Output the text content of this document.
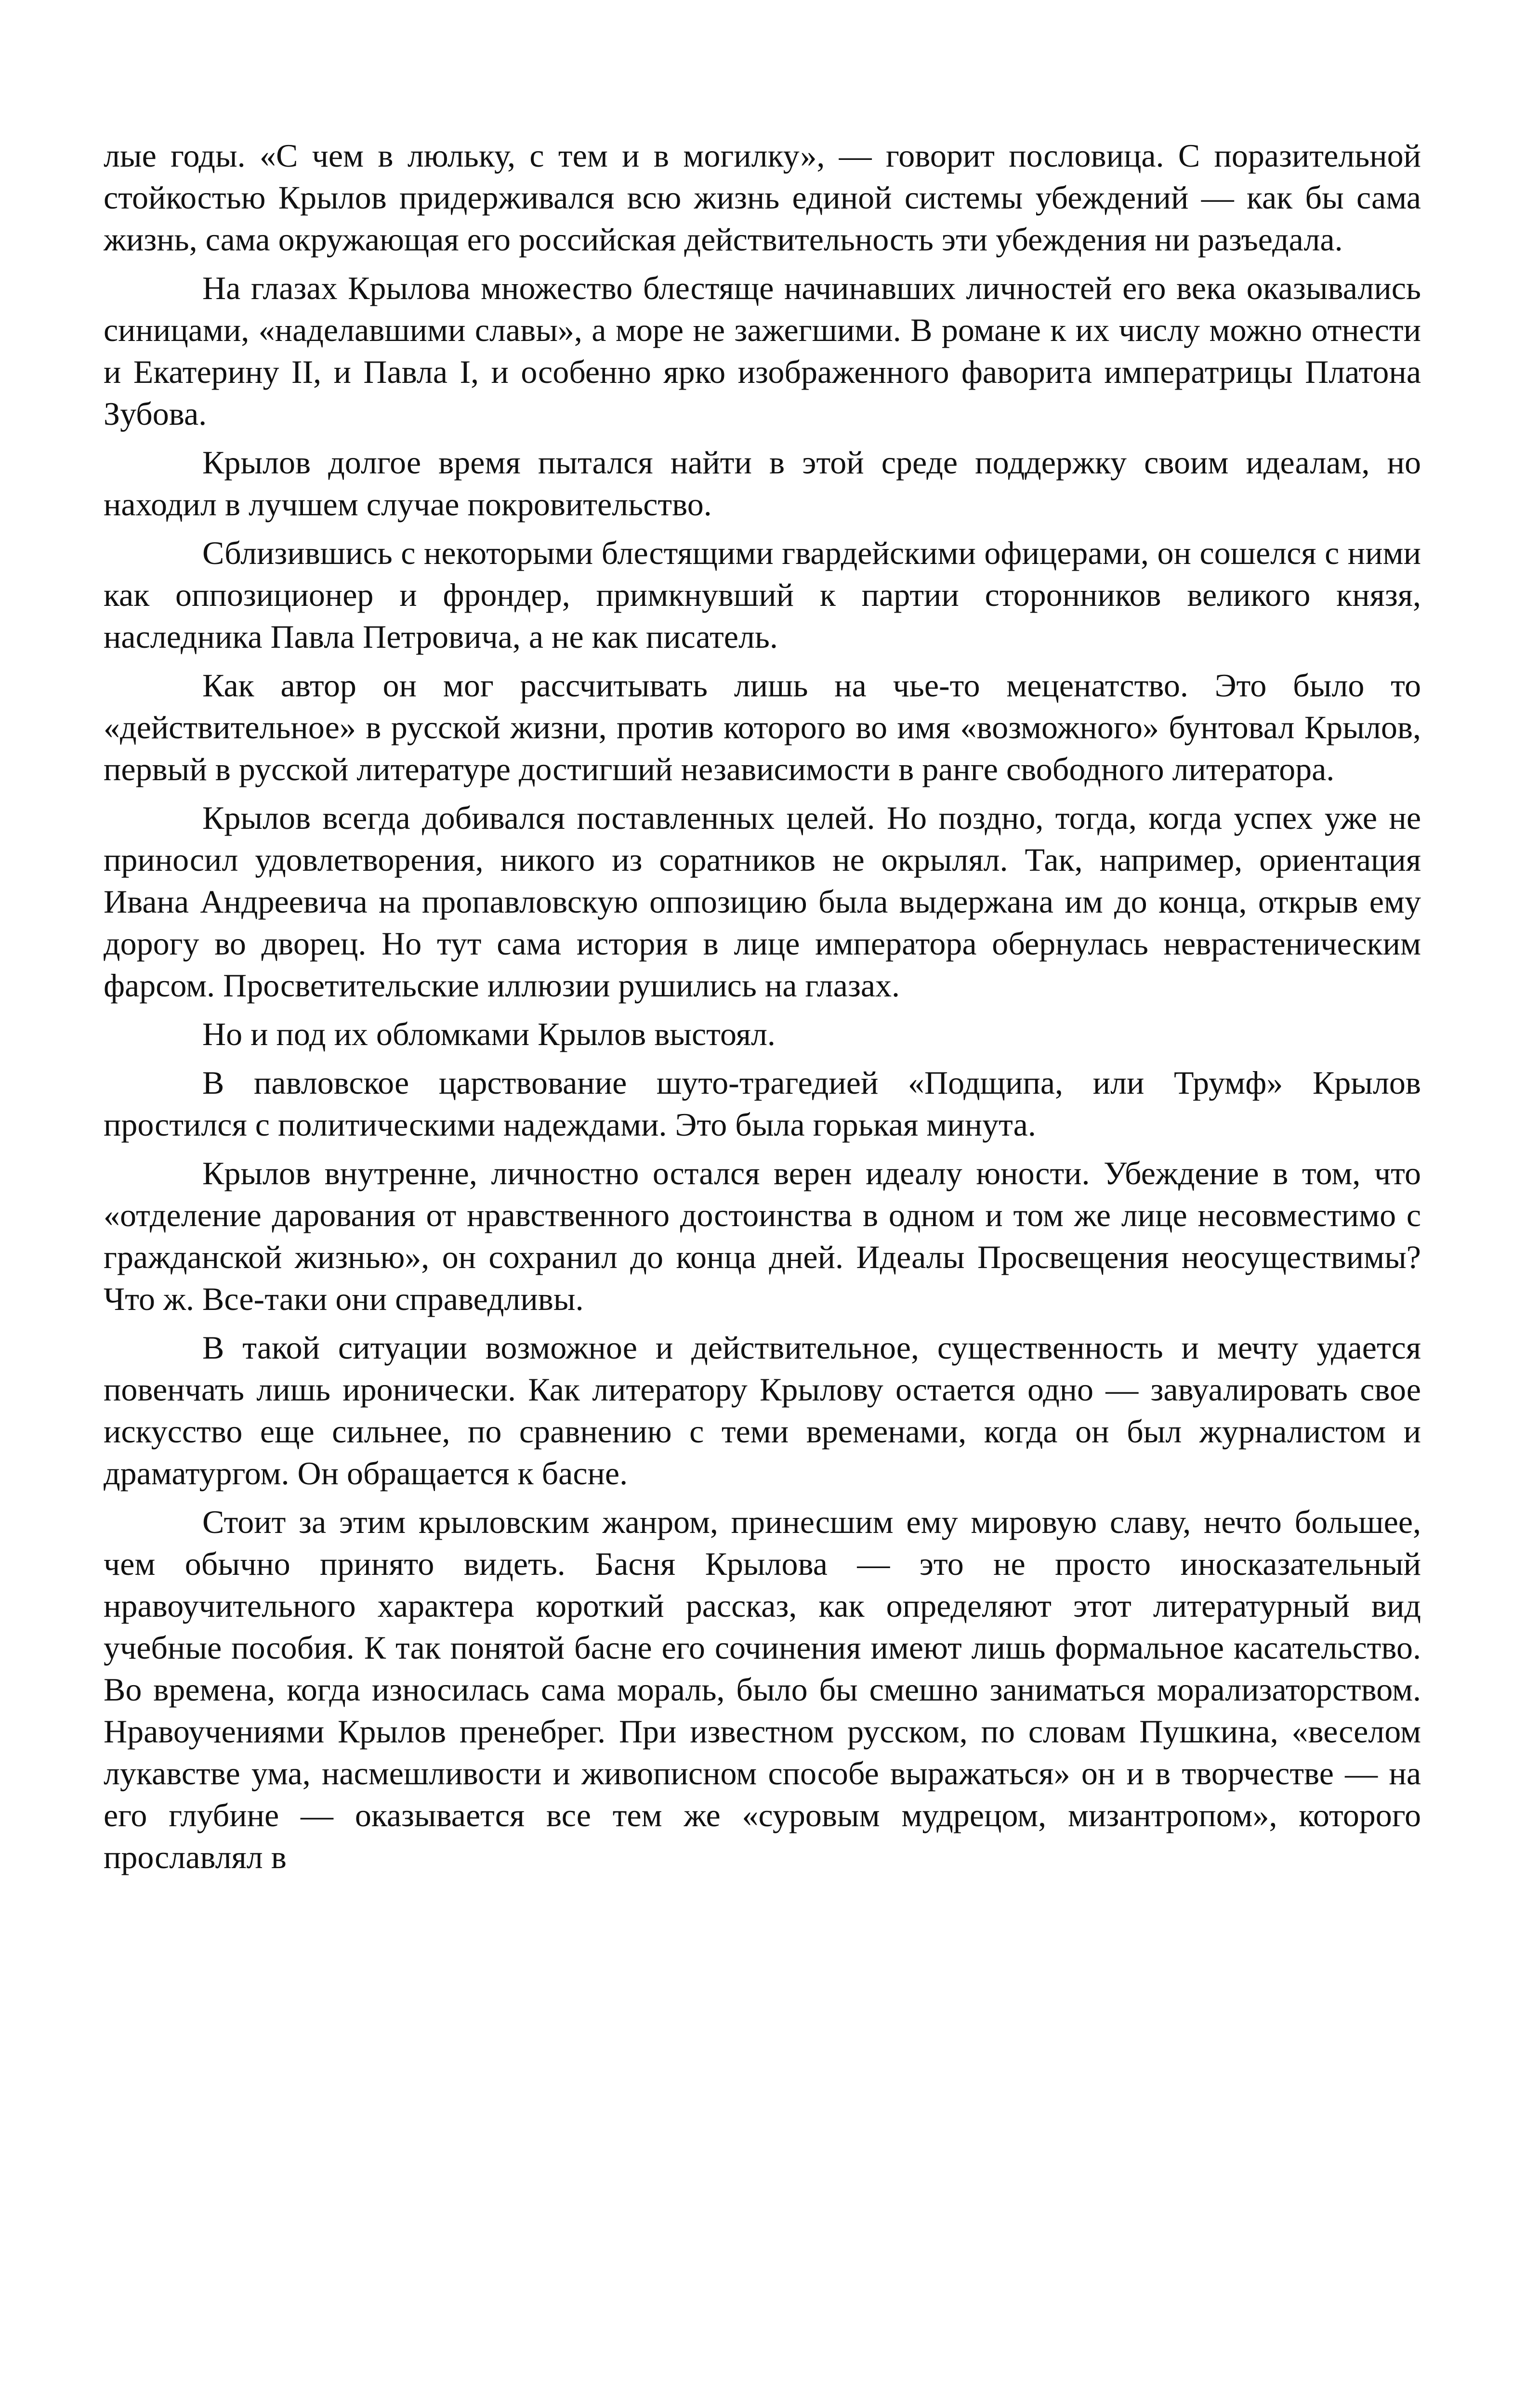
лые годы. «С чем в люльку, с тем и в могилку», — говорит пословица. С поразительной стойкостью Крылов придерживался всю жизнь единой системы убеждений — как бы сама жизнь, сама окружающая его российская действительность эти убеждения ни разъедала.

На глазах Крылова множество блестяще начинавших личностей его века оказывались синицами, «наделавшими славы», а море не зажегшими. В романе к их числу можно отнести и Екатерину II, и Павла I, и особенно ярко изображенного фаворита императрицы Платона Зубова.

Крылов долгое время пытался найти в этой среде поддержку своим идеалам, но находил в лучшем случае покровительство.

Сблизившись с некоторыми блестящими гвардейскими офицерами, он сошелся с ними как оппозиционер и фрондер, примкнувший к партии сторонников великого князя, наследника Павла Петровича, а не как писатель.

Как автор он мог рассчитывать лишь на чье-то меценатство. Это было то «действительное» в русской жизни, против которого во имя «возможного» бунтовал Крылов, первый в русской литературе достигший независимости в ранге свободного литератора.

Крылов всегда добивался поставленных целей. Но поздно, тогда, когда успех уже не приносил удовлетворения, никого из соратников не окрылял. Так, например, ориентация Ивана Андреевича на пропавловскую оппозицию была выдержана им до конца, открыв ему дорогу во дворец. Но тут сама история в лице императора обернулась неврастеническим фарсом. Просветительские иллюзии рушились на глазах.

Но и под их обломками Крылов выстоял.

В павловское царствование шуто-трагедией «Подщипа, или Трумф» Крылов простился с политическими надеждами. Это была горькая минута.

Крылов внутренне, личностно остался верен идеалу юности. Убеждение в том, что «отделение дарования от нравственного достоинства в одном и том же лице несовместимо с гражданской жизнью», он сохранил до конца дней. Идеалы Просвещения неосуществимы? Что ж. Все-таки они справедливы.

В такой ситуации возможное и действительное, существенность и мечту удается повенчать лишь иронически. Как литератору Крылову остается одно — завуалировать свое искусство еще сильнее, по сравнению с теми временами, когда он был журналистом и драматургом. Он обращается к басне.

Стоит за этим крыловским жанром, принесшим ему мировую славу, нечто большее, чем обычно принято видеть. Басня Крылова — это не просто иносказательный нравоучительного характера короткий рассказ, как определяют этот литературный вид учебные пособия. К так понятой басне его сочинения имеют лишь формальное касательство. Во времена, когда износилась сама мораль, было бы смешно заниматься морализаторством. Нравоучениями Крылов пренебрег. При известном русском, по словам Пушкина, «веселом лукавстве ума, насмешливости и живописном способе выражаться» он и в творчестве — на его глубине — оказывается все тем же «суровым мудрецом, мизантропом», которого прославлял в
